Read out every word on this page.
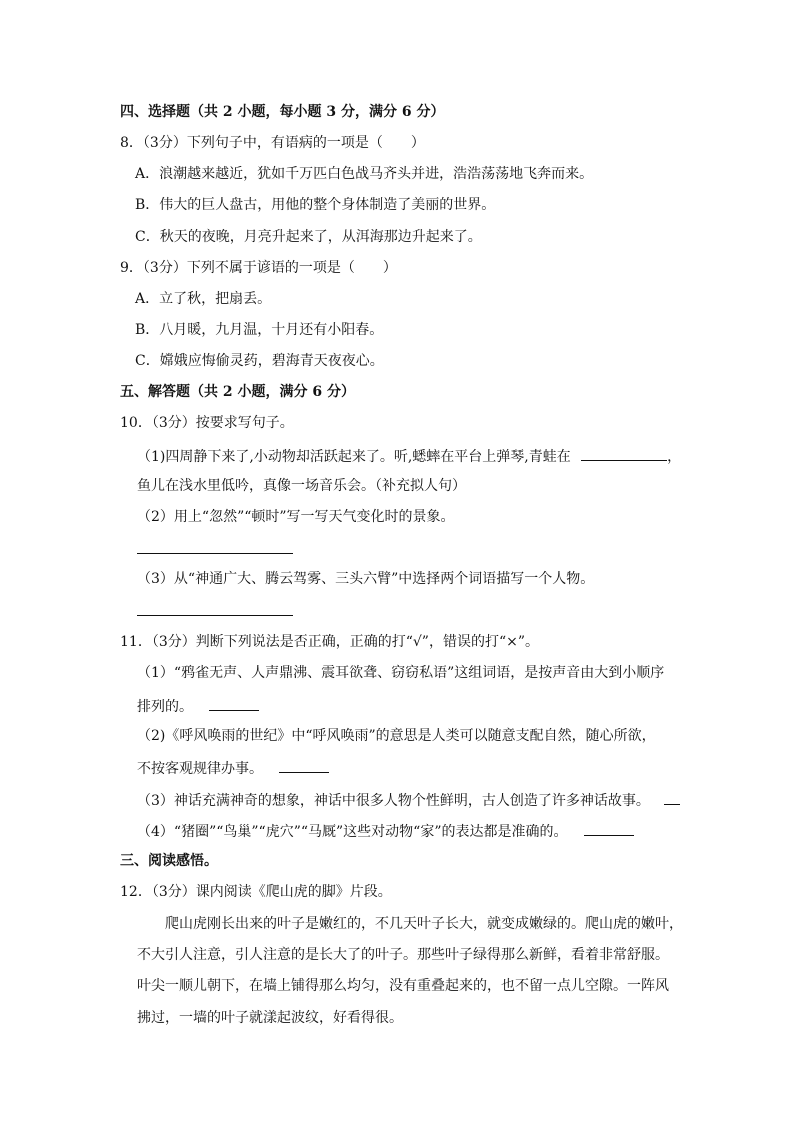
四、选择题（共 2 小题，每小题 3 分，满分 6 分）
8．（3分）下列句子中，有语病的一项是（　　）
A．浪潮越来越近，犹如千万匹白色战马齐头并进，浩浩荡荡地飞奔而来。
B．伟大的巨人盘古，用他的整个身体制造了美丽的世界。
C．秋天的夜晚，月亮升起来了，从洱海那边升起来了。
9．（3分）下列不属于谚语的一项是（　　）
A．立了秋，把扇丢。
B．八月暖，九月温，十月还有小阳春。
C．嫦娥应悔偷灵药，碧海青天夜夜心。
五、解答题（共 2 小题，满分 6 分）
10．（3分）按要求写句子。
（1)四周静下来了,小动物却活跃起来了。听,蟋蟀在平台上弹琴,青蛙在	，
鱼儿在浅水里低吟，真像一场音乐会。（补充拟人句）
（2）用上“忽然”“顿时”写一写天气变化时的景象。
（3）从“神通广大、腾云驾雾、三头六臂”中选择两个词语描写一个人物。
11．（3分）判断下列说法是否正确，正确的打“√”，错误的打“×”。
（1）“鸦雀无声、人声鼎沸、震耳欲聋、窃窃私语”这组词语，是按声音由大到小顺序
排列的。
（2)《呼风唤雨的世纪》中“呼风唤雨”的意思是人类可以随意支配自然，随心所欲，
不按客观规律办事。
（3）神话充满神奇的想象，神话中很多人物个性鲜明，古人创造了许多神话故事。
（4）“猪圈”“鸟巢”“虎穴”“马厩”这些对动物“家”的表达都是准确的。
三、阅读感悟。
12．（3分）课内阅读《爬山虎的脚》片段。
爬山虎刚长出来的叶子是嫩红的，不几天叶子长大，就变成嫩绿的。爬山虎的嫩叶，
不大引人注意，引人注意的是长大了的叶子。那些叶子绿得那么新鲜，看着非常舒服。
叶尖一顺儿朝下，在墙上铺得那么均匀，没有重叠起来的，也不留一点儿空隙。一阵风
拂过，一墙的叶子就漾起波纹，好看得很。
